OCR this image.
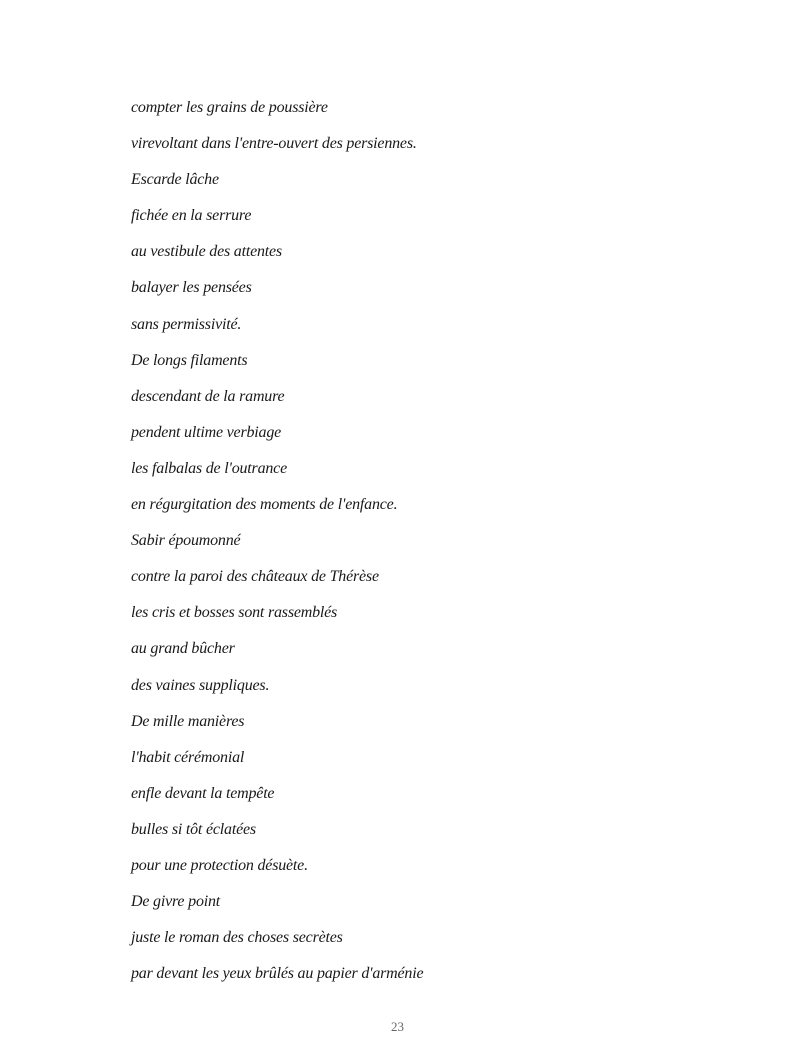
compter les grains de poussière
virevoltant dans l'entre-ouvert des persiennes.
Escarde lâche
fichée en la serrure
au vestibule des attentes
balayer les pensées
sans permissivité.
De longs filaments
descendant de la ramure
pendent ultime verbiage
les falbalas de l'outrance
en régurgitation des moments de l'enfance.
Sabir époumonné
contre la paroi des châteaux de Thérèse
les cris et bosses sont rassemblés
au grand bûcher
des vaines suppliques.
De mille manières
l'habit cérémonial
enfle devant la tempête
bulles si tôt éclatées
pour une protection désuète.
De givre point
juste le roman des choses secrètes
par devant les yeux brûlés au papier d'arménie
23
